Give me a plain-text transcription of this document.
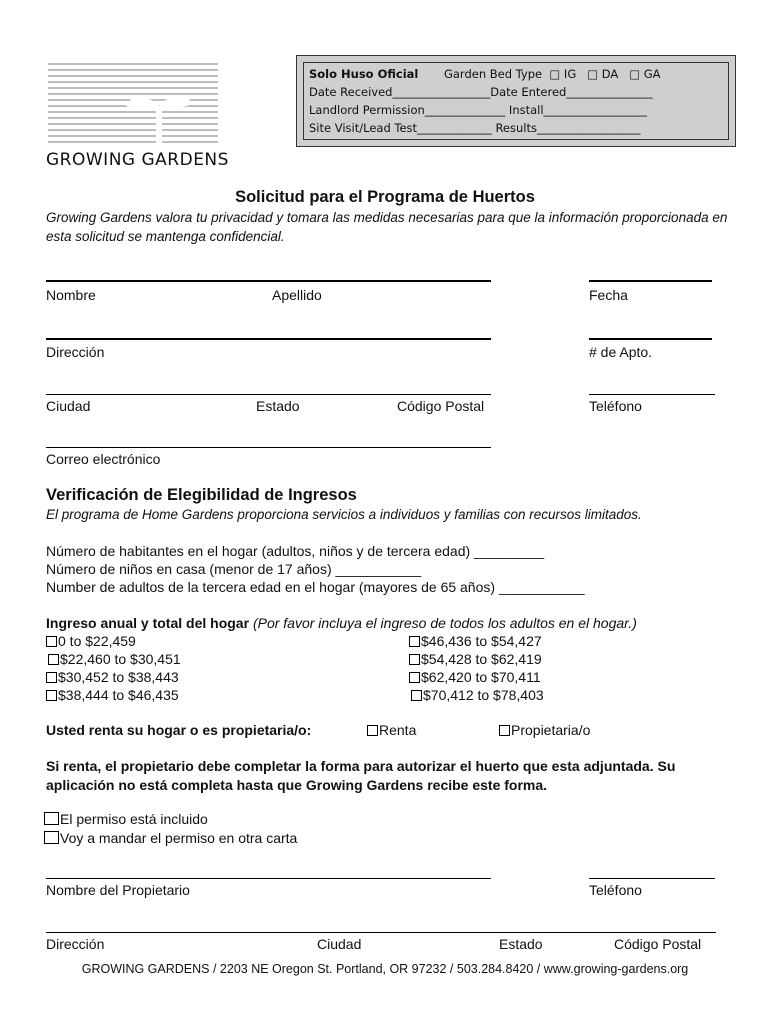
GROWING GARDENS
Solo Huso Oficial Garden Bed Type  □ IG   □ DA   □ GA
Date Received_________________Date Entered_______________
Landlord Permission______________ Install__________________
Site Visit/Lead Test_____________ Results__________________
Solicitud para el Programa de Huertos
Growing Gardens valora tu privacidad y tomara las medidas necesarias para que la información proporcionada en esta solicitud se mantenga confidencial.
Nombre	Apellido	Fecha
Dirección	# de Apto.
Ciudad	Estado	Código Postal	Teléfono
Correo electrónico
Verificación de Elegibilidad de Ingresos
El programa de Home Gardens proporciona servicios a individuos y familias con recursos limitados.
Número de habitantes en el hogar (adultos, niños y de tercera edad) _________
Número de niños en casa (menor de 17 años) ___________
Number de adultos de la tercera edad en el hogar (mayores de 65 años) ___________
Ingreso anual y total del hogar (Por favor incluya el ingreso de todos los adultos en el hogar.)
0 to $22,459
$22,460 to $30,451
$30,452 to $38,443
$38,444 to $46,435
$46,436 to $54,427
$54,428 to $62,419
$62,420 to $70,411
$70,412 to $78,403
Usted renta su hogar o es propietaria/o:	Renta	Propietaria/o
Si renta, el propietario debe completar la forma para autorizar el huerto que esta adjuntada. Su aplicación no está completa hasta que Growing Gardens recibe este forma.
El permiso está incluido
Voy a mandar el permiso en otra carta
Nombre del Propietario	Teléfono
Dirección	Ciudad	Estado	Código Postal
GROWING GARDENS / 2203 NE Oregon St. Portland, OR 97232 / 503.284.8420 / www.growing-gardens.org
